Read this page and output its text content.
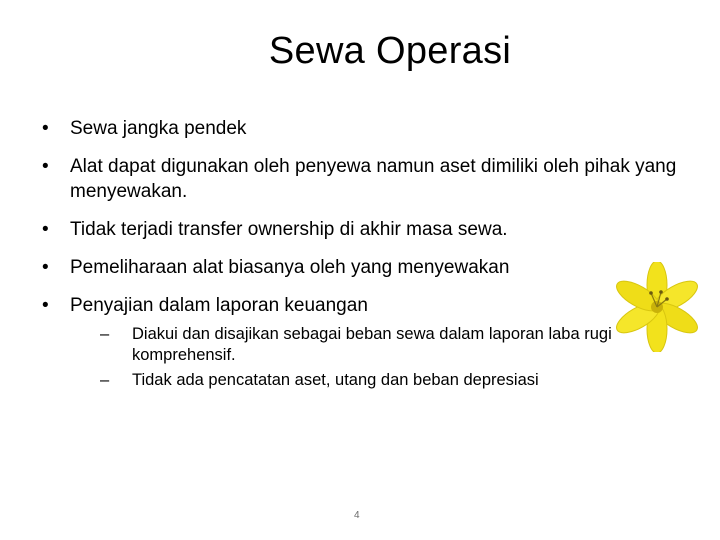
Sewa Operasi
• Sewa jangka pendek
• Alat dapat digunakan oleh penyewa namun aset dimiliki oleh pihak yang menyewakan.
• Tidak terjadi transfer ownership di akhir masa sewa.
• Pemeliharaan alat biasanya oleh yang menyewakan
• Penyajian dalam laporan keuangan
– Diakui dan disajikan sebagai beban sewa dalam laporan laba rugi komprehensif.
– Tidak ada pencatatan aset, utang dan beban depresiasi
4
